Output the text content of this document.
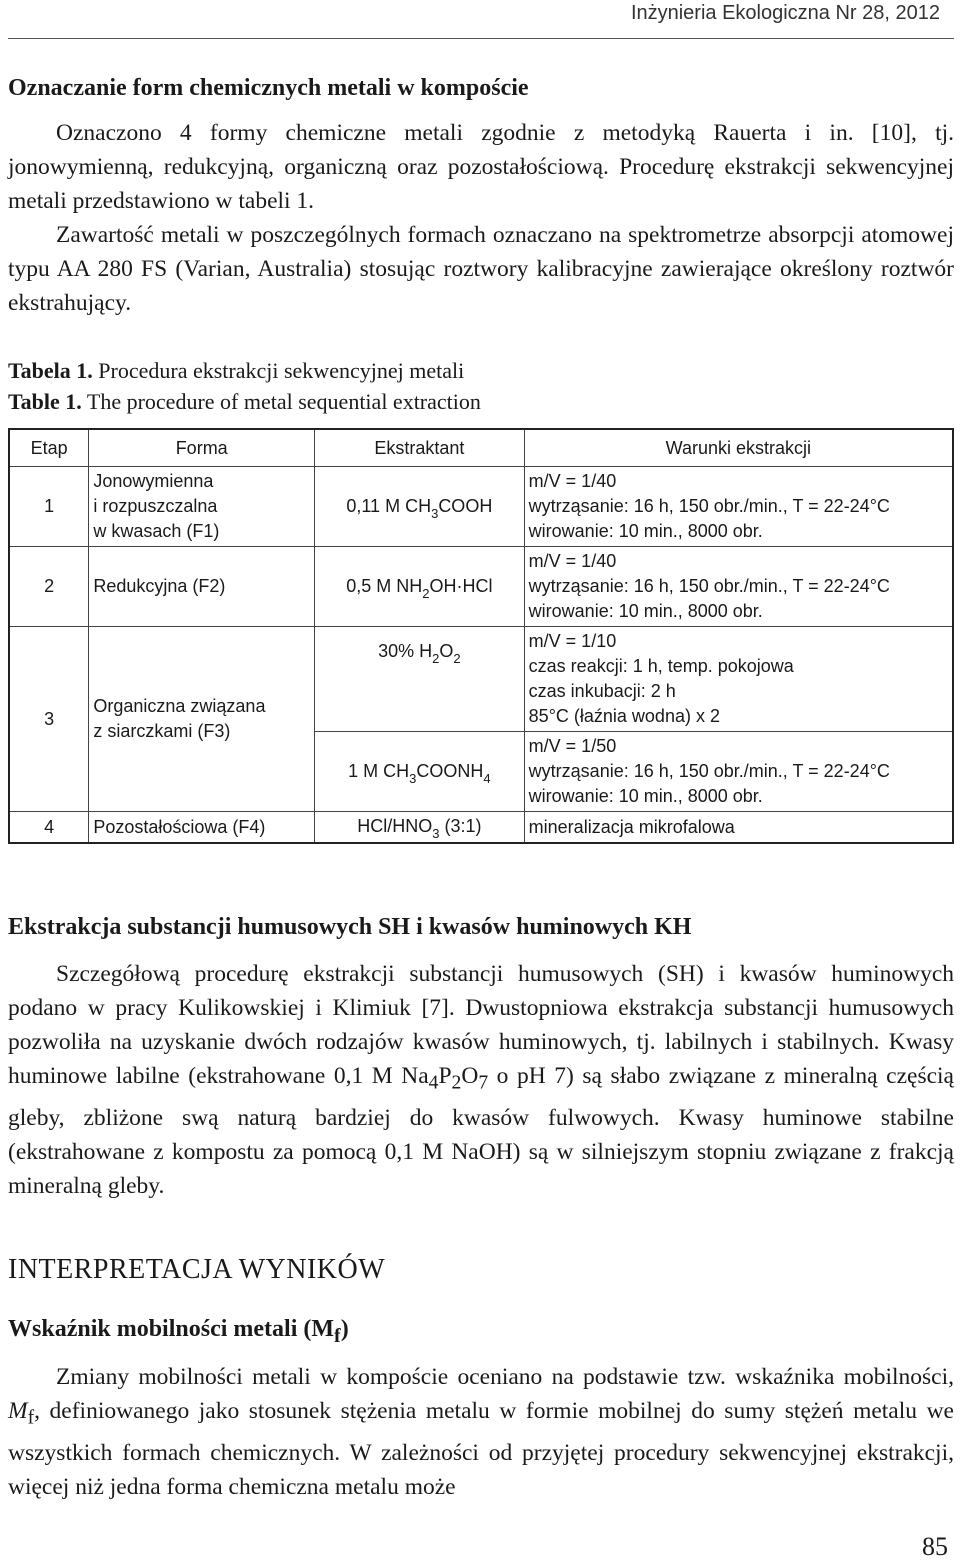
Inżynieria Ekologiczna Nr 28, 2012
Oznaczanie form chemicznych metali w kompoście

Oznaczono 4 formy chemiczne metali zgodnie z metodyką Rauerta i in. [10], tj. jonowymienną, redukcyjną, organiczną oraz pozostałościową. Procedurę ekstrakcji sekwencyjnej metali przedstawiono w tabeli 1.

Zawartość metali w poszczególnych formach oznaczano na spektrometrze absorpcji atomowej typu AA 280 FS (Varian, Australia) stosując roztwory kalibracyjne zawierające określony roztwór ekstrahujący.

Tabela 1. Procedura ekstrakcji sekwencyjnej metali
Table 1. The procedure of metal sequential extraction
Etap	Forma	Ekstraktant	Warunki ekstrakcji
1	Jonowymienna
i rozpuszczalna
w kwasach (F1)	0,11 M $CH_3COOH$	m/V = 1/40
wytrząsanie: 16 h, 150 obr./min., T = 22-24°C
wirowanie: 10 min., 8000 obr.

2	Redukcyjna (F2)	0,5 M $NH_2OH\cdot HCl$	m/V = 1/40
wytrząsanie: 16 h, 150 obr./min., T = 22-24°C
wirowanie: 10 min., 8000 obr.

3	Organiczna związana
z siarczkami (F3)	30% $H_2O_2$	m/V = 1/10
czas reakcji: 1 h, temp. pokojowa
czas inkubacji: 2 h
85°C (łaźnia wodna) x 2

		1 M $CH_3COONH_4$	m/V = 1/50
wytrząsanie: 16 h, 150 obr./min., T = 22-24°C
wirowanie: 10 min., 8000 obr.

4	Pozostałościowa (F4)	HCl/$HNO_3$ (3:1)	mineralizacja mikrofalowa
Ekstrakcja substancji humusowych SH i kwasów huminowych KH

Szczegółową procedurę ekstrakcji substancji humusowych (SH) i kwasów huminowych podano w pracy Kulikowskiej i Klimiuk [7]. Dwustopniowa ekstrakcja substancji humusowych pozwoliła na uzyskanie dwóch rodzajów kwasów huminowych, tj. labilnych i stabilnych. Kwasy huminowe labilne (ekstrahowane 0,1 M $Na_4P_2O_7$ o pH 7) są słabo związane z mineralną częścią gleby, zbliżone swą naturą bardziej do kwasów fulwowych. Kwasy huminowe stabilne (ekstrahowane z kompostu za pomocą 0,1 M NaOH) są w silniejszym stopniu związane z frakcją mineralną gleby.

INTERPRETACJA WYNIKÓW
Wskaźnik mobilności metali $(M_f)$

Zmiany mobilności metali w kompoście oceniano na podstawie tzw. wskaźnika mobilności, $M_f$, definiowanego jako stosunek stężenia metalu w formie mobilnej do sumy stężeń metalu we wszystkich formach chemicznych. W zależności od przyjętej procedury sekwencyjnej ekstrakcji, więcej niż jedna forma chemiczna metalu może

85
